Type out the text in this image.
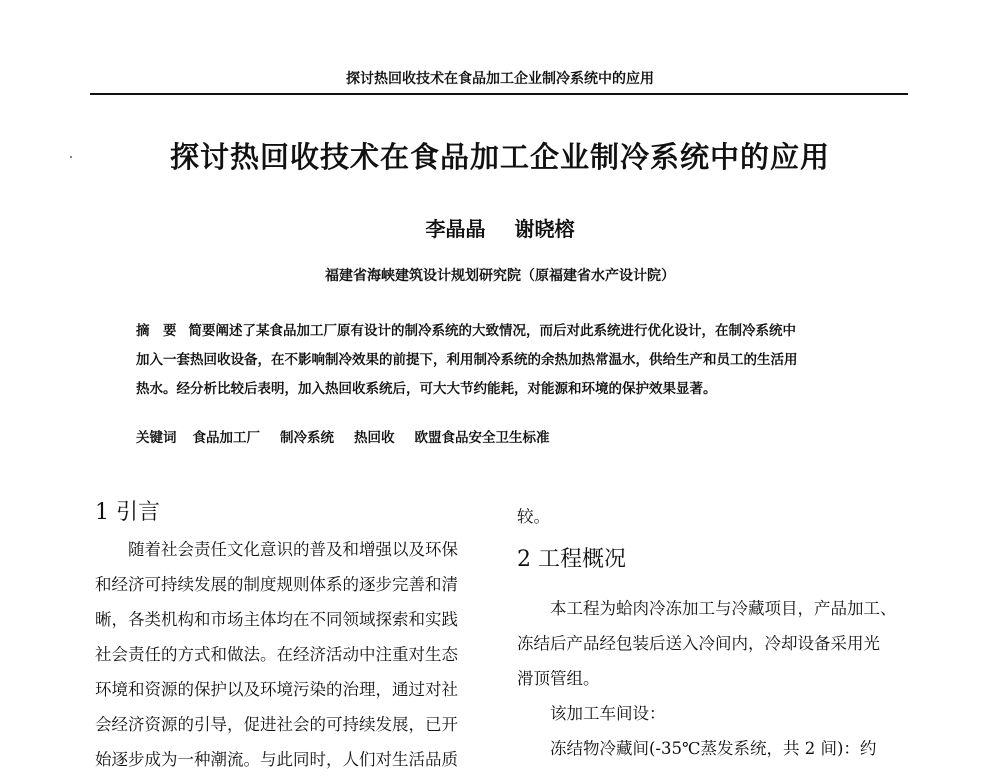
探讨热回收技术在食品加工企业制冷系统中的应用
探讨热回收技术在食品加工企业制冷系统中的应用
李晶晶 谢晓榕
福建省海峡建筑设计规划研究院（原福建省水产设计院）
摘　要 简要阐述了某食品加工厂原有设计的制冷系统的大致情况，而后对此系统进行优化设计，在制冷系统中
加入一套热回收设备，在不影响制冷效果的前提下，利用制冷系统的余热加热常温水，供给生产和员工的生活用
热水。经分析比较后表明，加入热回收系统后，可大大节约能耗，对能源和环境的保护效果显著。
关键词 食品加工厂 制冷系统 热回收 欧盟食品安全卫生标准
1 引言
随着社会责任文化意识的普及和增强以及环保
和经济可持续发展的制度规则体系的逐步完善和清
晰，各类机构和市场主体均在不同领域探索和实践
社会责任的方式和做法。在经济活动中注重对生态
环境和资源的保护以及环境污染的治理，通过对社
会经济资源的引导，促进社会的可持续发展，已开
始逐步成为一种潮流。与此同时，人们对生活品质
较。
2 工程概况
本工程为蛤肉冷冻加工与冷藏项目，产品加工、
冻结后产品经包装后送入冷间内，冷却设备采用光
滑顶管组。
该加工车间设：
冻结物冷藏间(-35℃蒸发系统，共 2 间)：约
